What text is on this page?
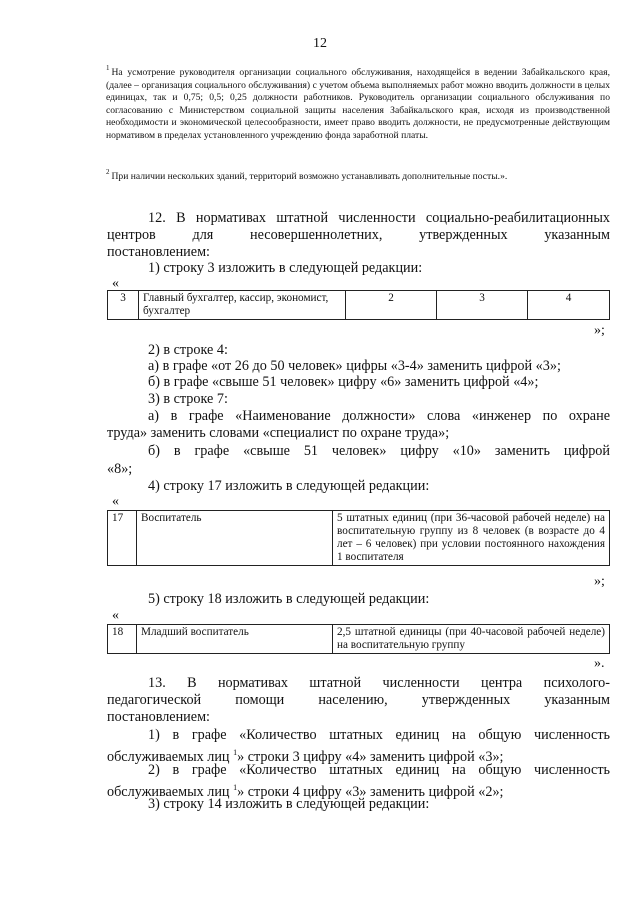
12
$^1$ На усмотрение руководителя организации социального обслуживания, находящейся в ведении Забайкальского края, (далее – организация социального обслуживания) с учетом объема выполняемых работ можно вводить должности в целых единицах, так и 0,75; 0,5; 0,25 должности работников. Руководитель организации социального обслуживания по согласованию с Министерством социальной защиты населения Забайкальского края, исходя из производственной необходимости и экономической целесообразности, имеет право вводить должности, не предусмотренные действующим нормативом в пределах установленного учреждению фонда заработной платы.
$^2$ При наличии нескольких зданий, территорий возможно устанавливать дополнительные посты.».
12. В нормативах штатной численности социально-реабилитационных
центров для несовершеннолетних, утвержденных указанным
постановлением:
1) строку 3 изложить в следующей редакции:
«
3	Главный бухгалтер, кассир, экономист, бухгалтер	2	3	4
»;
2) в строке 4:
а) в графе «от 26 до 50 человек» цифры «3-4» заменить цифрой «3»;
б) в графе «свыше 51 человек» цифру «6» заменить цифрой «4»;
3) в строке 7:
а) в графе «Наименование должности» слова «инженер по охране
труда» заменить словами «специалист по охране труда»;
б) в графе «свыше 51 человек» цифру «10» заменить цифрой
«8»;
4) строку 17 изложить в следующей редакции:
«
17	Воспитатель	5 штатных единиц (при 36-часовой рабочей неделе) на воспитательную группу из 8 человек (в возрасте до 4 лет – 6 человек) при условии постоянного нахождения 1 воспитателя
»;
5) строку 18 изложить в следующей редакции:
«
18	Младший воспитатель	2,5 штатной единицы (при 40-часовой рабочей неделе) на воспитательную группу
».
13. В нормативах штатной численности центра психолого-
педагогической помощи населению, утвержденных указанным
постановлением:
1) в графе «Количество штатных единиц на общую численность
обслуживаемых лиц $^1$» строки 3 цифру «4» заменить цифрой «3»;
2) в графе «Количество штатных единиц на общую численность
обслуживаемых лиц $^1$» строки 4 цифру «3» заменить цифрой «2»;
3) строку 14 изложить в следующей редакции:
